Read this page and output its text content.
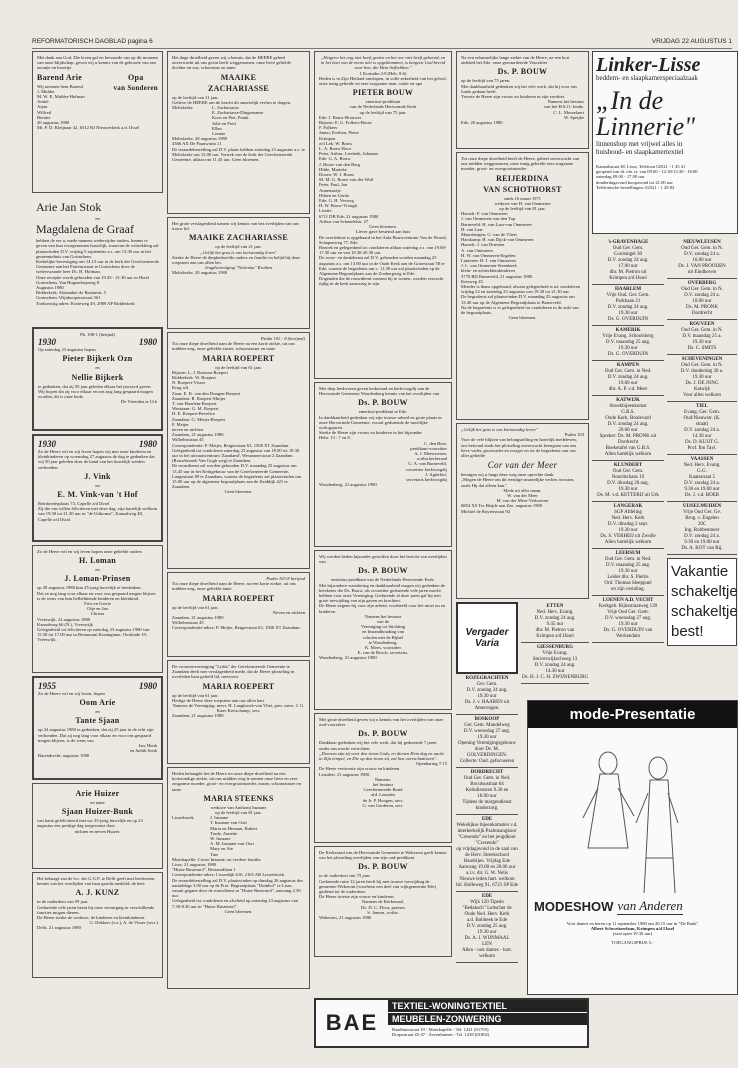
REFORMATORISCH DAGBLAD pagina 6	VRIJDAG 22 AUGUSTUS 1

Met dank aan God, Die leven gaf en bewaarde ons op dit moment van onze blijdschap, geven wij u kennis van de geboorte van ons zoontje en broertje

Barend Arie

Wij noemen hem Barend

J. Mulder

M. W. E. Mulder-Hofman

André

Arjan

Wilfred

Bertine

Opa

van Sonderen

20 augustus 1980

Mr. P. D. Kleijnaar 42, 6512 BJ Nieuwerkerk a.d. IJssel

Arie Jan Stok

en

Magdalena de Graaf

hebben de eer u, mede namens wederzijdse ouders, kennis te geven van hun voorgenomen huwelijk, waarvan de voltrekking zal plaatsvinden D.V. vrijdag 5 september a.s. om 13.30 uur in het gemeentehuis van Gorinchem.

Kerkelijke bevestiging om 14.15 uur in de kerk der Gereformeerde Gemeente aan het Pasteurstraat te Gorinchem door de weleerwaarde heer Ds. H. Hofman.

Onze receptie wordt gehouden van 19.45 - 21.30 uur in Hotel Gorinchem, Van Hogendorpweg 8.

Augustus 1980

Ridderkerk, Slotmaker de Bruïnestr. 5

Gorinchem, Wijnkoopersstraat 361

Toekomstig adres: Korteweg 49, 2989 AP Ridderkerk

Pb. 108-1 (betijnd)

1930	1980

Op zaterdag 23 augustus hopen

Pieter Bijkerk Ozn

en

Nellie Bijkerk

te gedenken, dat zij 50 jaar geleden elkaar het jawoord gaven. Wij hopen dat zij voor elkaar en ons nog lang gespaard mogen worden, dit is onze bede.

De Vrienden te Urk

1930	1980

Zo de Heere wil en wij leven hopen wij met onze kinderen en kleinkinderen op woensdag 27 augustus de dag te gedenken dat wij 50 jaar geleden door de band van het huwelijk werden verbonden.

J. Vink

en

E. M. Vink-van 't Hof

Reinbrederplaats 73, Capelle a/d IJssel

Zij die ons willen feliciteren met deze dag, zijn hartelijk welkom van 19.30 tot 21.30 uur in "de Uitkomst", Kanaalweg 48, Capelle a/d IJssel.

Zo de Heere wil en wij leven hopen onze geliefde ouders

H. Loman

en

J. Loman-Prinsen

op 28 augustus 1980 hun 25-jarig huwelijk te herdenken.

Dat ze nog lang voor elkaar en voor ons gespaard mogen blijven is de wens van hun liefhebbende kinderen en kleinkind.

Frits en Gerrie

Otje en Jan

Christa

Vreeswijk, 22 augustus 1980

Kanaalweg 66 (N.), Vreeswijk

Gelegenheid tot feliciteren op zaterdag 23 augustus 1980 van 15.30 tot 17.00 uur in Restaurant Koninginne, Oostkade 19, Vreeswijk.

1955	1980

Zo de Heere wil en wij leven, hopen

Oom Arie

en

Tante Sjaan

op 24 augustus 1980 te gedenken, dat zij 25 jaar in de echt zijn verbonden. Dat zij nog lang voor elkaar en voor ons gespaard mogen blijven, is de wens van

Jan, Henk

en Judith Sonk

Barendrecht, augustus 1980

Arie Huizer

en tante

Sjaan Huizer-Bunk

van harte gefeliciteerd met uw 25-jarig huwelijk en op 23 augustus een prettige dag toegewenst door

nichten en neven Huizer.

Het behaagt van de h.v. der G.G.F. te Delft geeft met leedwezen kennis van het overlijden van haar geacht medelid, de heer

A. J. KUNZ

in de ouderdom van 59 jaar.

Gedurende vele jaren bezat hij onze vereniging in verschillende functies mogen dienen.

De Heere sterke de weduwe, de kinderen en kleinkinderen.

G. Dekkers (v.z.), A. de Visser (secr.)

Delft, 21 augustus 1980

Het dage droefheid geven wij u kennis, dat de HEERE geheel onverwacht uit ons gezin heeft weggenomen, onze lieve geliefde dochter en zus, schoonzus en tante

MAAIKE

ZACHARIASSE

op de leeftijd van 21 jaar.

Gelieve de HEERE om de kracht dit smartelijk verlies te dragen.

Meliskerke	L. Zachariasse

E. Zachariasse-Dingemanse

Koos en Piet, Frank

Jolie en Fred

Ellen

Connie

Meliskerke, 20 augustus 1980

4366 AX De Paauwtuin 11

De teraardebestelling zal D.V. plaats hebben zaterdag 23 augustus a.s. te Meliskerke om 15.00 uur. Vertrek van de kerk der Gereformeerde Gemeente, aldaar om 11.45 uur. Geen bloemen.

Het grote verslagenheid namen wij kennis van het overlijden van ons trouw lid

MAAIKE ZACHARIASSE

op de leeftijd van 21 jaar.

„Gelijk het gras is ons kortstondig leven"

Sterke de Heere de diepbedroefde ouders en familie en belijd bij deze roepstem aan ons allen het.

Jeugdvereniging "Nehemia" Kruiken

Meliskerke, 20 augustus 1980

Psalm 103 : 8 (berijmd)

Tot onze diepe droefheid nam de Heere na een korte ziekte, uit ons midden weg, onze geliefde zuster, schoonzuster en tante

MARIA ROEPERT

op de leeftijd van 61 jaar.

Rijssen: L. J. Ruiseau-Roepert

Ridderkerk: W. Roepert

N. Roepert-Visser

Krug a/d

Zaan: E. K. van den Dongen-Roepert

Zaandam: R. Roepert-Muijer

T. van Haarlem-Roepert

Westzaan: G. M. Roepert

H. E. Roepert-Bevelice

Zaandam: G. Meijer-Roepert

F. Meijer

neven en nichten

Zaandam, 21 augustus 1980

Wilhelmstraat 45

Correspondentie: P. Meijer, Reigerstraat 63, 1508 XT Zaandam.

Gelegenheid tot condoleren zaterdag 23 augustus van 18.00 tot 18.30 uur in het uitvaartcentrum 'Zaanland', Westzanerstraat 2 Zaandam. (Rouwbezoek Van Gogh weg) te Zaandam.

De rouwdienst zal worden gehouden D.V. maandag 25 augustus om 13.45 uur in het Kerkgebouw van de Gereformeerde Gemeente, Langestraat 89 te Zaandam, waarna de begrafenis zal plaatsvinden om 15.00 uur op de algemene begraafplaats aan de Zuiddijk 421 te Zaandam.

Geen bloemen.

Psalm 103:8 berijmd

Tot onze diepe droefheid nam de Heere, na een korte ziekte, uit ons midden weg, onze geliefde tante

MARIA ROEPERT

op de leeftijd van 61 jaar.

Neven en nichten

Zaandam, 21 augustus 1980

Wilhelmstraat 45

Correspondentie-adres: P. Meijer, Reigerstraat 63, 1508 XT Zaandam.

De vrouwenvereniging "Lydia" der Gereformeerde Gemeente te Zaandam deelt met verslagenheid mede, dat de Heere plotseling in overleden haar geliefd lid, mevrouw

MARIA ROEPERT

op de leeftijd van 61 jaar.

Heilige de Heere deze roepstem aan ons allen hart.

Namens de Vereniging: mevr. H. Langbroek-van Vliet, pres. mevr. J. G. Kaas-Kretschamp, secr.

Zaandam, 21 augustus 1980

Heden behaagde het de Heere tot onze diepe droefheid na een kortstondige ziekte, uit ons midden weg te nemen onze lieve en zeer zorgzame moeder, groot- en overgrootmoeder, zuster, schoonzuster en tante

MARIA STEENKS

weduwe van Anthonij Inzaane

op de leeftijd van 81 jaar.

Lisserbroek	J. Inzaane

T. Inzaane-van Oort

Maria en Herman, Robert

Trudy, Annette

W. Inzaane

A. M. Inzaane-van Oort

Mary en Ate

Tine

Moerkapelle: Corrie Inzaane, en verdere familie.

Lisse, 21 augustus 1980

"Huize Bustenrol", Bestaurdlaan 1

Correspondentie-adres: Lisserdijk 610, 2165 AR Lisserbroek.

De teraardebestelling zal D.V. plaatsvinden op dinsdag 26 augustus des namiddags 3.00 uur op de Prot. Begraafplaats "Duinhof" te Lisse, vanuit gegane door de rouwdienst in "Huize Bustenrol", aanvang 2.30 uur.

Gelegenheid tot condoleren en afscheid op zaterdag 23 augustus van 7.30-8.30 uur in "Huize Bustenrol".

Geen bloemen.

„Hetgeen het oog niet heeft gezien en het oor niet heeft gehoord, en in het hart van de mens niet is opgeklommen, is hetgeen God bereid voor hen, die Hem liefhebben."

1 Korinthe 2:9 (Heb. 8:6)

Heden is in Zijn Heiland ontslapen, in volle zekerheid van het geloof, onze innig geliefde en zeer zorgzame man, vader en opa

PIETER BOUW

emeritus-predikant

van de Nederlands Hervormde Kerk

op de leeftijd van 75 jaar.

Ede: J. Bouw-Brouwer

Rijssen: E. G. Folkers-Bouw

P. Folkers

Jantzi, Evelien, Pieter

Krimpen

a/d Lek: W. Bouw

L. A. Bouw-Roor

Peter, Arthur, Liesbeth, Johanna

Ede: G. A. Bouw

J. Bouw-van den Berg

Hilde, Marieke

Doorn: W. J. Bouw

M. M. G. Bouw-van der Wolf

Peter, Paul, Jan

Annemartje

Hilsen en Gerda

Ede: G. H. Verweg

H. W. Bouw-Vrough

Lisette

6711 DB Ede, 21 augustus 1980

Arthur van Schendelstr. 27

Geen bloemen.

Liever gave bestemd aan huis

De overledene is opgebaard in het Aula Bouwcentrum Van de Woerd, Schapenweg 77, Ede.

Bezoek en gelegenheid tot condoleren aldaar zaterdag a.s. van 19.00-17.30 uur en van 18.30-20.30 uur.

De rouw- en dankdienst zal D.V. gehouden worden maandag 25 augustus a.s. om 13.00 uur in de Oude Kerk aan de Grotestraat 58 te Ede, waarna de begrafenis om c. 11.30 uur zal plaatsvinden op de Algemene Begraafplaats aan de Zonbergweg te Ede.

Dogenden die de rouwdienst wensen bij te wonen, worden verzocht tijdig in de kerk aanwezig te zijn.

Met diep leedwezen geven kerkeraad en kerkvoogdij van de Hervormde Gemeente Woudenberg kennis van het overlijden van

Ds. P. BOUW

emeritus-predikant te Ede.

In dankbaarheid gedenken wij zijn trouwe arbeid en grote plaats in onze Hervormde Gemeente, vooral gedurende de moeilijke oorlogsjaren.

Sterke de Heere zijn vrouw en kinderen in het bijzonder

Hebr. 13 : 7 en 8.

C. den Boer,

predikant-voorzitter

A. J. Meeuwesen,

scriba kerkeraad

G. A. van Barneveld,

voorzitter kerkvoogdij

J. Agterhof,

secretaris kerkvoogdij

Woudenberg, 21 augustus 1980

Wij werden heden bijzonder getroffen door het bericht van overlijden van

Ds. P. BOUW

emeritus-predikant van de Nederlands Hervormde Kerk.

Met bijzondere waardering en dankbaarheid mogen wij gedenken de betekenis die Ds. Bouw, als voorzitter gedurende vele jaren mocht hebben voor onze Vereniging. Gedurende al deze jaren gaf hij met grote toewijding van zijn gaven en krachten.

De Heere zegene hij voor zijn arbeid, voorbeeld voor het moet nu en kinderen.

Namens het bestuur

van de

Vereniging tot Stichting

en Instandhouding van

scholen met de Bijbel

te Woudenberg,

K. Moes, voorzitter

E. van de Bosch, secretaris.

Woudenberg, 21 augustus 1980

Met grote droefheid geven wij u kennis van het overlijden van onze oud-voorzitter

Ds. P. BOUW

Dankbaar gedenken wij het vele werk, dat hij gedurende 7 jaren onder ons mocht verrichten.

„Doorom zijn zij voor den troon Gods, en dienen Hem dag en nacht in Zijn tempel, en Die op den troon zit, zal hen overschaduwen".

Openbaring 7:15

De Heere vertroeste zijn vrouw en kinderen.

Leusden, 21 augustus 1980.

Namens:

het bestuur

Gereformeerde Bond

afd. Leusden

de Jr. P. Hoogen, secr.

G. van Gerderen, secr.

De Kerkeraad van de Hervormde Gemeente te Wekerom geeft kennis van het plotseling overlijden van zijn oud-predikant

Ds. P. BOUW

in de ouderdom van 75 jaar.

Gedurende ruim 12 jaren heeft hij met trouwe toewijding de gemeente Wekerom (voorheen een deel van wijkgemeente Ede) gediend tot de ouderdom.

De Heere troeste zijn vrouw en kinderen.

Namens de Kerkeraad,

Ds. D. C. Floor, praeses

S. Jansen, scriba.

Wekerom, 21 augustus 1980

Na een erbarmelijke lange ziekte van de Heere, na een kort ziekbed het Ede, onze gewaardeerde Voorzitter

Ds. P. BOUW

op de leeftijd van 75 jaren.

Met dankbaarheid gedenken wij het vele werk, dat hij voor ons fonds gedaan heeft.

Troeste de Heere zijn vrouw en kinderen in zijn verdriet.

Namens het bestuur

van het H.S.O.-fonds.

C. L. Mosselaert

W. Speijke

Ede, 20 augustus 1980

Tot onze diepe droefheid heeft de Heere, geheel onverwacht van ons midden weggenomen, onze innig geliefde zeer zorgzame moeder, groot- en overgrootmoeder

REIJERDINA

VAN SCHOTHORST

sinds 16 maart 1971

weduwe van H. van Ommeren

op de leeftijd van 81 jaar.

Hasselt: F. van Ommeren

J. van Ommeren-van den Top

Barneveld: H. van Laar-van Ommeren

H. van Laar

Maarsbergen: G. van de Vliert

Harskamp: H. van Dijck-van Ommeren

Hasselt: J. van Driesten

A. van Ommeren

H. W. van Ommeren-Engelen

Lunteren: H. J. van Ommeren

J. L. van Ommeren-Steenbeek

klein- en achterkleinkinderen

3770 BD Barneveld, 21 augustus 1980.

Ketsweg 45.

Moeder is thans opgebaard, alwaar gelegenheid is tot condoleren vrijdag 22 en zaterdag 23 augustus van 19.30 tot 21.30 uur.

De begrafenis zal plaatsvinden D.V. maandag 25 augustus om 13.30 uur op de Algemene Begraafplaats te Barneveld.

Na de begrafenis is er gelegenheid tot condoleren in de aula van de begraafplaats.

Geen bloemen.

„Gelijk het gras is ons kortstondig leven"

Psalm 103

Voor de vele blijken van belangstelling en hartelijk medeleven, ons betoond sinds het plotseling onverwacht heengaan van ons lieve vader, grootvader en zwager en tot de begrafenis van ons aller geliefde

Cor van der Meer

betuigen wij u langs deze weg onze oprechte dank.

„Mogen de Heere om dit ernstige smartelijke verlies troosten, zoals Hij dat alleen kan."

Mede uit aller naam:

W. van der Meer

M. van der Meer-Verhoeven

6854 XS Ter Heijde aan Zee, augustus 1980

Michiel de Ruyterstraat 92

Vergader Varia
ROZEGRACHTEN
Ger. Gem.
D.V. zondag 24 aug.
19.30 uur
Ds. J. v. HAAREN uit
Amerongen.
BOSKOOP
Ger. Gem. Mandelweg
D.V. woensdag 27 aug.
19.30 uur
Opening Verenigingsgebouw door Ds. M. GOLVERDINGEN.
Collecte: Oud. gefocuseren
DORDRECHT
Oud Ger. Gem. in Ned.
Boculsustraat 64
Kerkdiensten 9.30 en
18.00 uur
Tijdens de morgendienst kinderzorg.
EDE
Wekelijkse bijeenkomsten v.d. interkerkelijk Psalmzangkoor "Cresendo" en het jeugdkoor "Cresendo"
op vrijdagavond in de zaal van de Herv. Streekschool Baudrijen. Vrijdag Ede
Aanvang 19.00 en 20.00 uur
a.l.v. dir. G. W. Nelis
Nieuwe leden hart. welkom
Inl. Holleweg 91, 6721 SP Ede
EDE
Wijk 120 Tipedo
"Bedaksch" Leitscher de
Oude Ned. Herv. Kerk
a.d. Bobbeek te Ede
D.V. zondag 25 aug.
19.30 uur
Ds. A. J. WIJNMAAL
LEN
Allen - ook dames - hart. welkom
ETTEN
Ned. Herv. Evang.
D.V. zondag 24 aug.
9.45 uur
dhr. M. Pietron van
Krimpen a/d IJssel
GIESSENBURG
Vrije Evang.
Stuiverwijkschweg 13
D.V. zondag 24 aug.
14.30 uur
Ds. H. J. C. H. ZWIJNENBURG
Linker-Lisse
beddem- en slaapkamerspeciaalzaak
„In de
Linnerie"
linnenshop met vrijwel alles in
huishoud- en slaapkamertextiel
Kanaalstraat 38, Lisse, Telefoon 02521 - 1 45 41
geopend van di. t/m vr. van 09.00 - 12.30/13.30 - 18.00
zaterdag 09.00 - 17.00 uur
donderdagavond koopavond tot 21.00 uur
Telefonische bestellingen: 02521 - 1 28 82
's-GRAVENHAGE
Oud Ger. Gem.
Coolsingel 30
D.V. zondag 24 aug.
17.00 uur
dhr. M. Pietron uit
Krimpen a/d IJssel
HAARLEM
Vrije Oud. Ger. Gem.
Parkbaan 21
D.V. zondag 24 aug.
19.30 uur
Ds. G. OVERDUIN
KAMERIK
Vrije Evang. Schoolsberg
D.V. maandag 25 aug.
19.30 uur
Ds. G. OVERDUIN
KAMPEN
Oud Ger. Gem. in Ned.
D.V. zondag 24 aug.
19.00 uur
dhr. A. P. v.d. Meer
KATWIJK
Streekbijeenkomst
G.B.S.
Oude Kerk, Boulevard
D.V. zondag 24 aug.
20.00 uur
Spreker: Ds. M. PRONK uit Dordrecht
Boeketafel van G.B.S.
Allen hartelijk welkom
KLUNDERT
Oud Ger. Gem.
Noordschans 19
D.V. dinsdag 26 aug.
19.30 uur
Ds. M. v.d. KETTERIJ uit Urk
LANGERAK
SGP Afdeling
Ned. Herv. Kerk
D.V. dinsdag 2 sept.
19.30 uur
Ds. S. VERHEIJ uit Zwolle
Allen hartelijk welkom
LEERSUM
Oud Ger. Gem. in Ned.
D.V. maandag 25 aug.
19.30 uur
Leider dhr. S. Pietris
Ord. Thomas Sleeppuel
en zijn vertaling.
LOENEN A.D. VECHT
Kerkgeb. Rijksstraatweg 139
Vrije Oud Ger. Gem.
D.V. woensdag 27 aug.
19.30 uur
Ds. G. OVERDUIN van
Werkendam
NIEUWLEUSEN
Oud Ger. Gem. in N.
D.V. zondag 24 a.
16.00 uur
Ds. J. VAN PROOIJEN
uit Eindhoven
OVERBERG
Oud Ger. Gem. in N.
D.V. zondag 24 a.
10.00 uur
Ds. M. PRONK
Dordrecht
ROUVEEN
Oud Ger. Gem. in N.
D.V. maandag 25 a.
19.30 uur
Ds. C. SMITS
SCHEVENINGEN
Oud Ger. Gem. in N.
D.V. donderdag 28 a.
19.30 uur
Ds. J. DE JONG
Katwijk
Voor allen welkom
TIEL
Evang. Ger. Gem.
Oud/Nieuwstr. (K.
straat)
D.V. zondag 24 a.
14.30 uur
Ds. D. KUIJT G.
Prof. Ibn Tayl.
VAASSEN
Ned. Herv. Evang.
G.G.
Kaatsstraat 5
D.V. zondag 24 a.
9.30 en 19.00 uur
Ds. J. v.d. BOER
UIJSELMUIDEN
Vrije Oud Ger. Ge.
Brug. v. Engelen
20C
Ing. Robbenmeer
D.V. zondag 24 a.
9.30 en 19.00 uur
Ds. A. KOT van Rij.
Vakantie
schakeltje
schakeltje
best!
mode-Presentatie
MODESHOW van Anderen
Voor dames en heren op 11 september 1980 om 20.15 uur in "De Rank"
Albert Schweitzerlaan, Krimpen a/d IJssel
(zaal open 19.30 uur)
TOEGANGSPRIJS 5,-
BAE
TEXTIEL-WONINGTEXTIEL
MEUBELEN-ZONWERING
Raadhuisstraat 19 - Moerkapelle - Tel. 1421 (01793)
Dorpsstraat 45-47 - Zevenhuizen - Tel. 1238 (01802)
